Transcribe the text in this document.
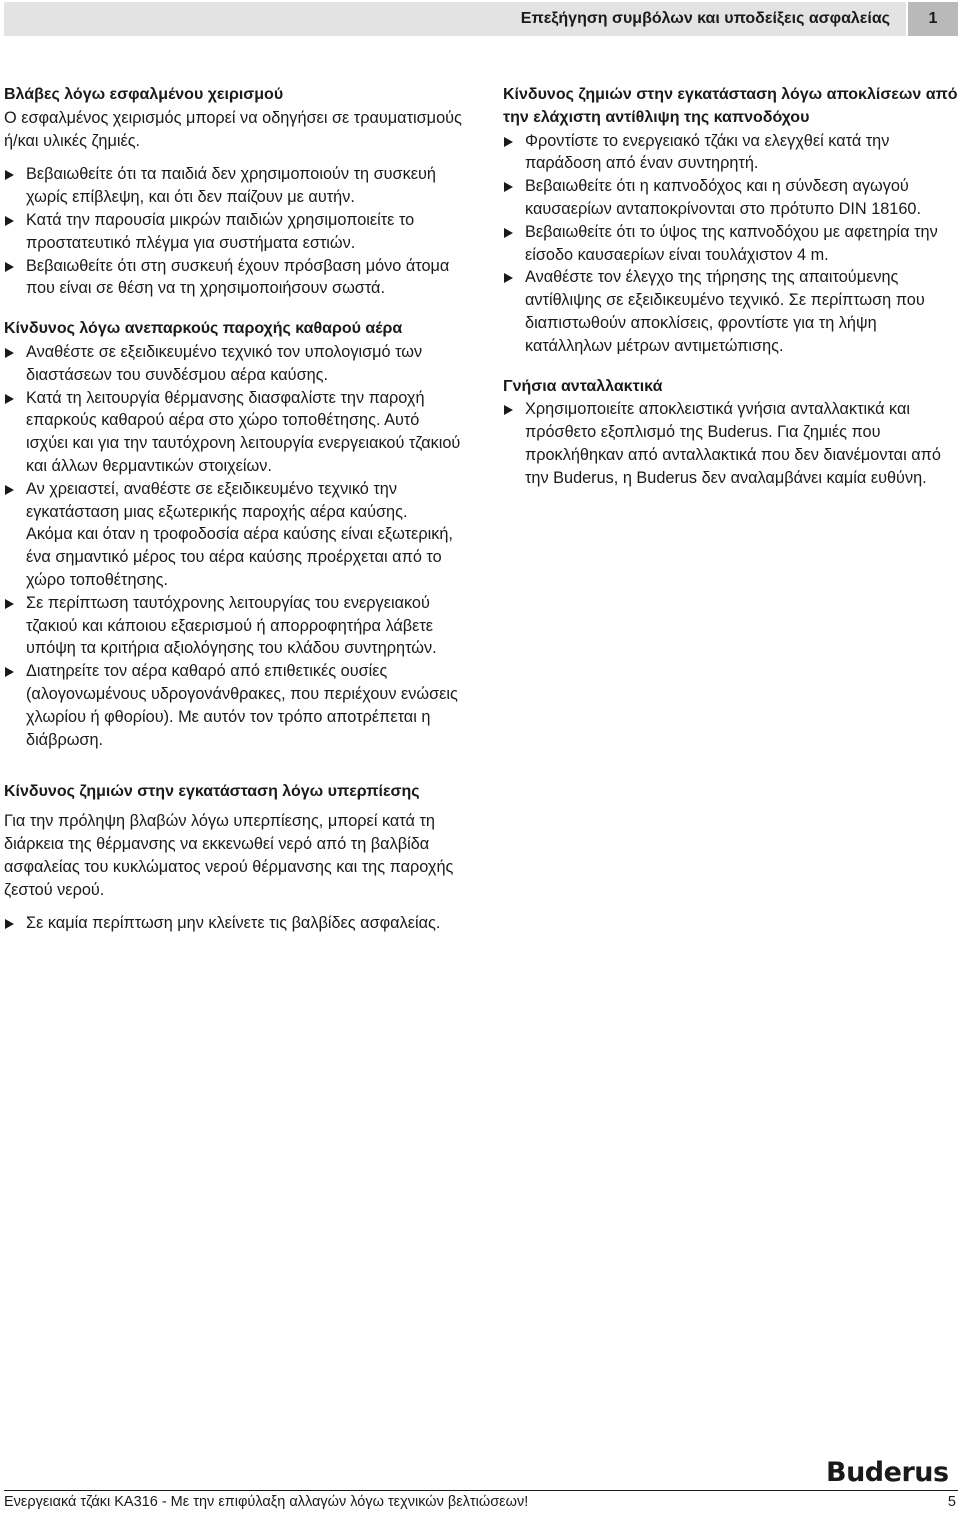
Επεξήγηση συμβόλων και υποδείξεις ασφαλείας	1
Βλάβες λόγω εσφαλμένου χειρισμού

Ο εσφαλμένος χειρισμός μπορεί να οδηγήσει σε τραυματισμούς ή/και υλικές ζημιές.

Βεβαιωθείτε ότι τα παιδιά δεν χρησιμοποιούν τη συσκευή χωρίς επίβλεψη, και ότι δεν παίζουν με αυτήν.
Κατά την παρουσία μικρών παιδιών χρησιμοποιείτε το προστατευτικό πλέγμα για συστήματα εστιών.
Βεβαιωθείτε ότι στη συσκευή έχουν πρόσβαση μόνο άτομα που είναι σε θέση να τη χρησιμοποιήσουν σωστά.
Κίνδυνος λόγω ανεπαρκούς παροχής καθαρού αέρα
Αναθέστε σε εξειδικευμένο τεχνικό τον υπολογισμό των διαστάσεων του συνδέσμου αέρα καύσης.
Κατά τη λειτουργία θέρμανσης διασφαλίστε την παροχή επαρκούς καθαρού αέρα στο χώρο τοποθέτησης. Αυτό ισχύει και για την ταυτόχρονη λειτουργία ενεργειακού τζακιού και άλλων θερμαντικών στοιχείων.
Αν χρειαστεί, αναθέστε σε εξειδικευμένο τεχνικό την εγκατάσταση μιας εξωτερικής παροχής αέρα καύσης.
Ακόμα και όταν η τροφοδοσία αέρα καύσης είναι εξωτερική, ένα σημαντικό μέρος του αέρα καύσης προέρχεται από το χώρο τοποθέτησης.
Σε περίπτωση ταυτόχρονης λειτουργίας του ενεργειακού τζακιού και κάποιου εξαερισμού ή απορροφητήρα λάβετε υπόψη τα κριτήρια αξιολόγησης του κλάδου συντηρητών.
Διατηρείτε τον αέρα καθαρό από επιθετικές ουσίες (αλογονωμένους υδρογονάνθρακες, που περιέχουν ενώσεις χλωρίου ή φθορίου). Με αυτόν τον τρόπο αποτρέπεται η διάβρωση.
Κίνδυνος ζημιών στην εγκατάσταση λόγω υπερπίεσης

Για την πρόληψη βλαβών λόγω υπερπίεσης, μπορεί κατά τη διάρκεια της θέρμανσης να εκκενωθεί νερό από τη βαλβίδα ασφαλείας του κυκλώματος νερού θέρμανσης και της παροχής ζεστού νερού.

Σε καμία περίπτωση μην κλείνετε τις βαλβίδες ασφαλείας.
Κίνδυνος ζημιών στην εγκατάσταση λόγω αποκλίσεων από την ελάχιστη αντίθλιψη της καπνοδόχου
Φροντίστε το ενεργειακό τζάκι να ελεγχθεί κατά την παράδοση από έναν συντηρητή.
Βεβαιωθείτε ότι η καπνοδόχος και η σύνδεση αγωγού καυσαερίων ανταποκρίνονται στο πρότυπο DIN 18160.
Βεβαιωθείτε ότι το ύψος της καπνοδόχου με αφετηρία την είσοδο καυσαερίων είναι τουλάχιστον 4 m.
Αναθέστε τον έλεγχο της τήρησης της απαιτούμενης αντίθλιψης σε εξειδικευμένο τεχνικό. Σε περίπτωση που διαπιστωθούν αποκλίσεις, φροντίστε για τη λήψη κατάλληλων μέτρων αντιμετώπισης.
Γνήσια ανταλλακτικά
Χρησιμοποιείτε αποκλειστικά γνήσια ανταλλακτικά και πρόσθετο εξοπλισμό της Buderus. Για ζημιές που προκλήθηκαν από ανταλλακτικά που δεν διανέμονται από την Buderus, η Buderus δεν αναλαμβάνει καμία ευθύνη.
Buderus
Ενεργειακά τζάκι KA316 - Με την επιφύλαξη αλλαγών λόγω τεχνικών βελτιώσεων!	5
